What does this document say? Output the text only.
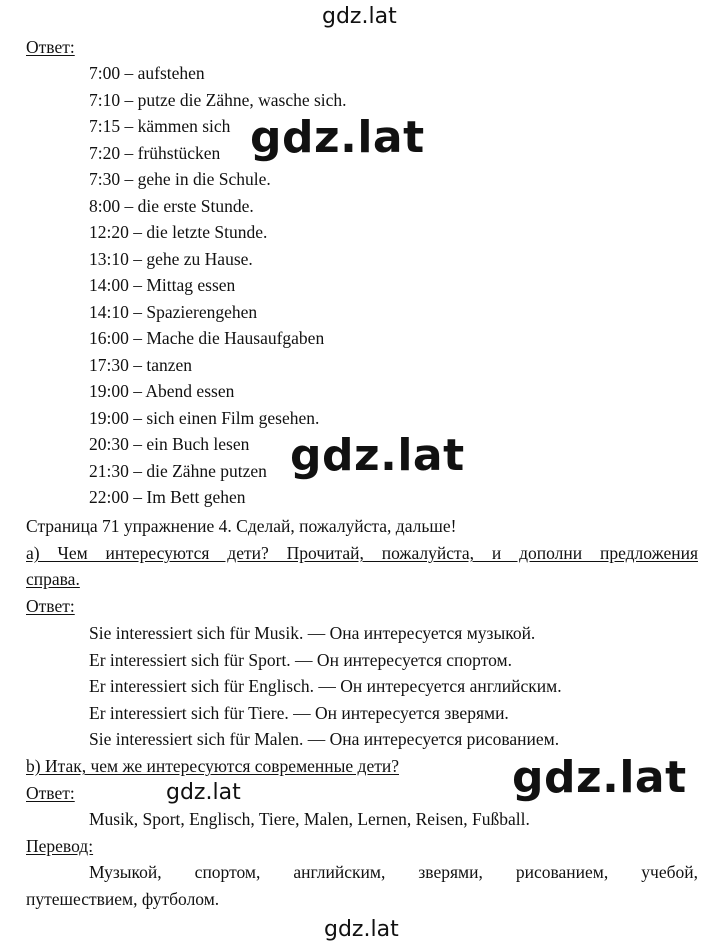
gdz.lat
Ответ:
7:00 – aufstehen
7:10 – putze die Zähne, wasche sich.
7:15 – kämmen sich
7:20 – frühstücken
7:30 – gehe in die Schule.
8:00 – die erste Stunde.
12:20 – die letzte Stunde.
13:10 – gehe zu Hause.
14:00 – Mittag essen
14:10 – Spazierengehen
16:00 – Mache die Hausaufgaben
17:30 – tanzen
19:00 – Abend essen
19:00 – sich einen Film gesehen.
20:30 – ein Buch lesen
21:30 – die Zähne putzen
22:00 – Im Bett gehen
gdz.lat
gdz.lat
Страница 71 упражнение 4. Сделай, пожалуйста, дальше!
а) Чем интересуются дети? Прочитай, пожалуйста, и дополни предложения
справа.
Ответ:
Sie interessiert sich für Musik. — Она интересуется музыкой.
Er interessiert sich für Sport. — Он интересуется спортом.
Er interessiert sich für Englisch. — Он интересуется английским.
Er interessiert sich für Tiere. — Он интересуется зверями.
Sie interessiert sich für Malen. — Она интересуется рисованием.
b) Итак, чем же интересуются современные дети?
Ответ:	gdz.lat	gdz.lat
Musik, Sport, Englisch, Tiere, Malen, Lernen, Reisen, Fußball.
Перевод:
Музыкой, спортом, английским, зверями, рисованием, учебой,
путешествием, футболом.
gdz.lat
